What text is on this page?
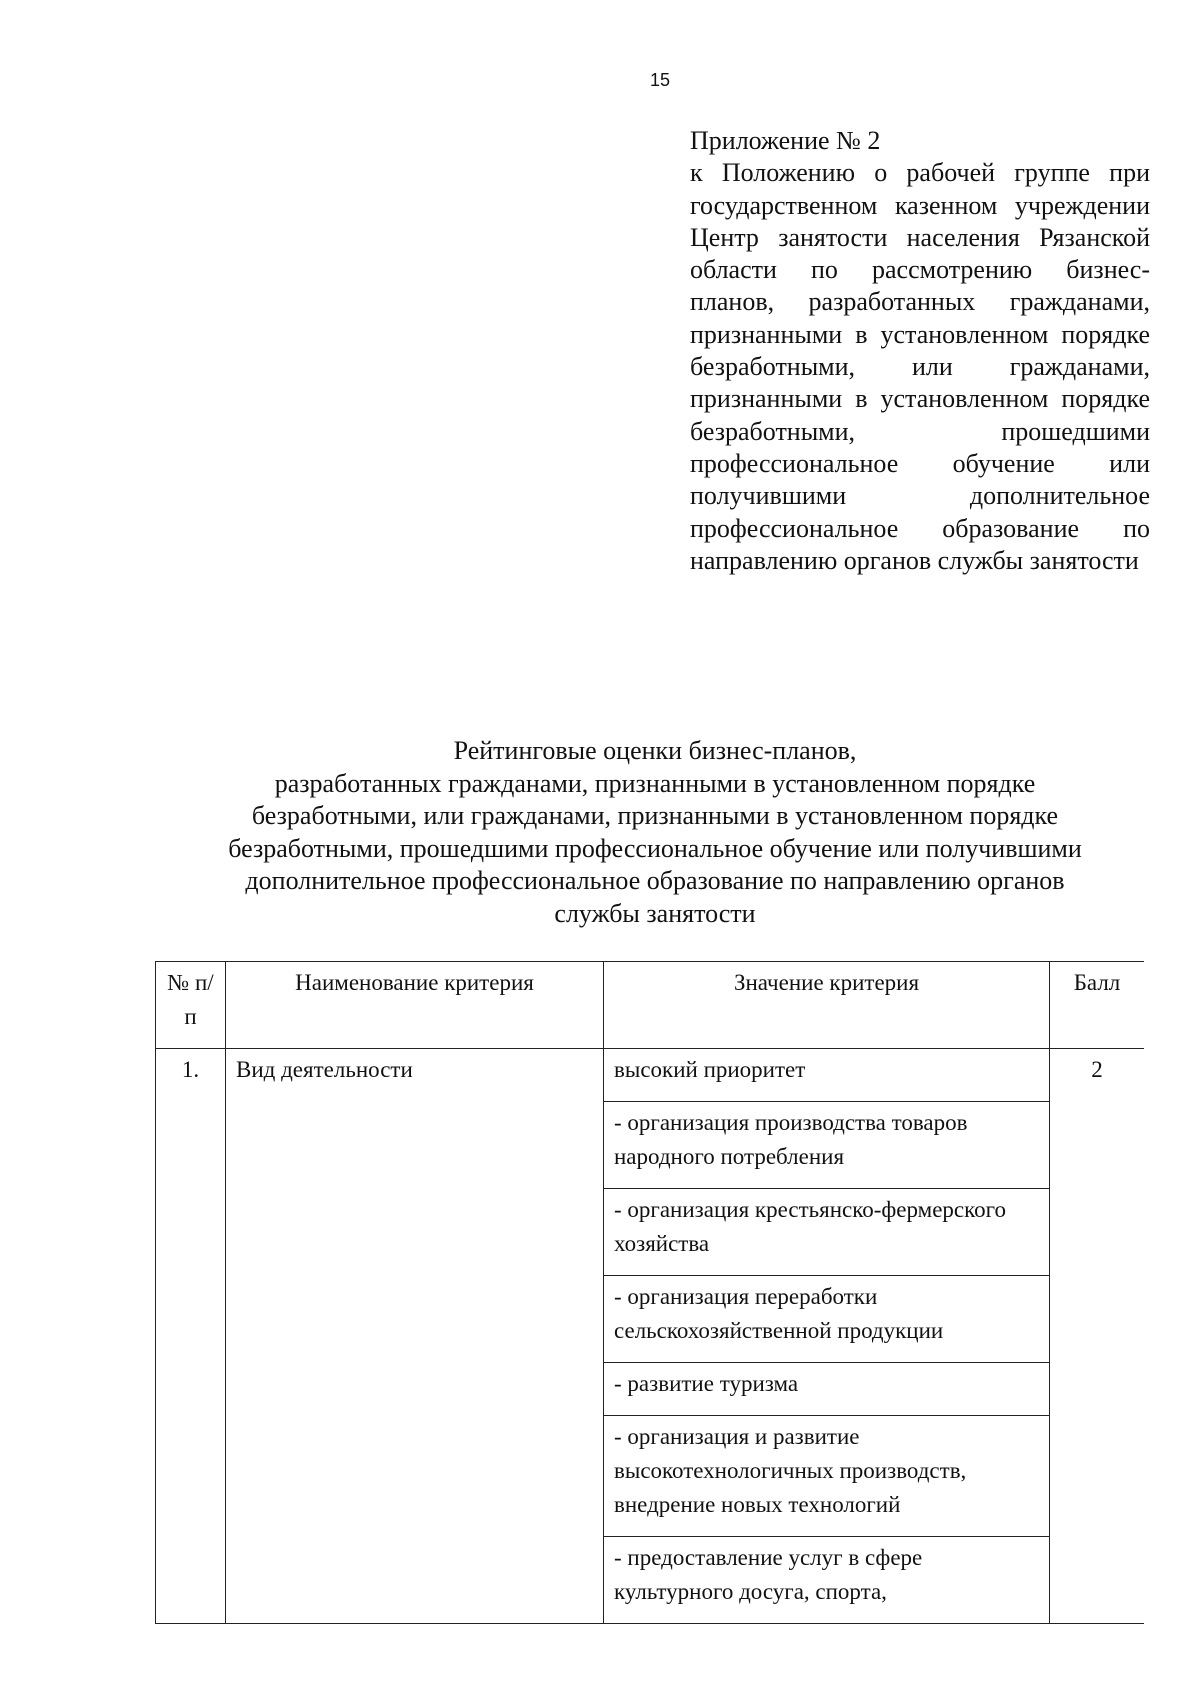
15
Приложение № 2
к Положению о рабочей группе при государственном казенном учреждении Центр занятости населения Рязанской области по рассмотрению бизнес-планов, разработанных гражданами, признанными в установленном порядке безработными, или гражданами, признанными в установленном порядке безработными, прошедшими профессиональное обучение или получившими дополнительное профессиональное образование по направлению органов службы занятости
Рейтинговые оценки бизнес-планов,
разработанных гражданами, признанными в установленном порядке
безработными, или гражданами, признанными в установленном порядке
безработными, прошедшими профессиональное обучение или получившими
дополнительное профессиональное образование по направлению органов
службы занятости
№ п/п	Наименование критерия	Значение критерия	Балл
1.	Вид деятельности	высокий приоритет	2
		- организация производства товаров народного потребления	
		- организация крестьянско-фермерского хозяйства	
		- организация переработки сельскохозяйственной продукции	
		- развитие туризма	
		- организация и развитие высокотехнологичных производств, внедрение новых технологий	
		- предоставление услуг в сфере культурного досуга, спорта,	
